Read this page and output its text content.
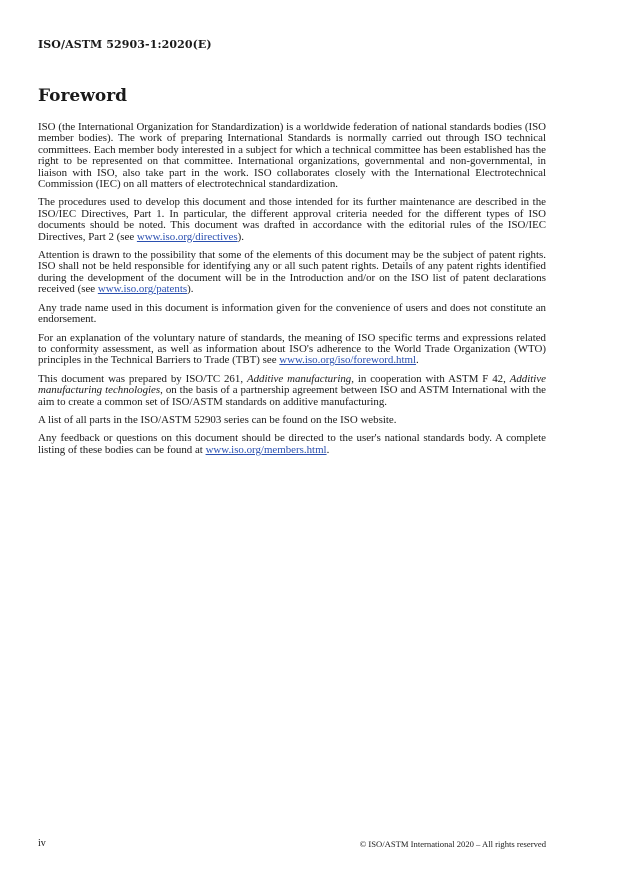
ISO/ASTM 52903-1:2020(E)
Foreword

ISO (the International Organization for Standardization) is a worldwide federation of national standards bodies (ISO member bodies). The work of preparing International Standards is normally carried out through ISO technical committees. Each member body interested in a subject for which a technical committee has been established has the right to be represented on that committee. International organizations, governmental and non-governmental, in liaison with ISO, also take part in the work. ISO collaborates closely with the International Electrotechnical Commission (IEC) on all matters of electrotechnical standardization.

The procedures used to develop this document and those intended for its further maintenance are described in the ISO/IEC Directives, Part 1. In particular, the different approval criteria needed for the different types of ISO documents should be noted. This document was drafted in accordance with the editorial rules of the ISO/IEC Directives, Part 2 (see www.iso.org/directives).

Attention is drawn to the possibility that some of the elements of this document may be the subject of patent rights. ISO shall not be held responsible for identifying any or all such patent rights. Details of any patent rights identified during the development of the document will be in the Introduction and/or on the ISO list of patent declarations received (see www.iso.org/patents).

Any trade name used in this document is information given for the convenience of users and does not constitute an endorsement.

For an explanation of the voluntary nature of standards, the meaning of ISO specific terms and expressions related to conformity assessment, as well as information about ISO's adherence to the World Trade Organization (WTO) principles in the Technical Barriers to Trade (TBT) see www.iso.org/iso/foreword.html.

This document was prepared by ISO/TC 261, Additive manufacturing, in cooperation with ASTM F 42, Additive manufacturing technologies, on the basis of a partnership agreement between ISO and ASTM International with the aim to create a common set of ISO/ASTM standards on additive manufacturing.

A list of all parts in the ISO/ASTM 52903 series can be found on the ISO website.

Any feedback or questions on this document should be directed to the user's national standards body. A complete listing of these bodies can be found at www.iso.org/members.html.

iv	© ISO/ASTM International 2020 – All rights reserved
